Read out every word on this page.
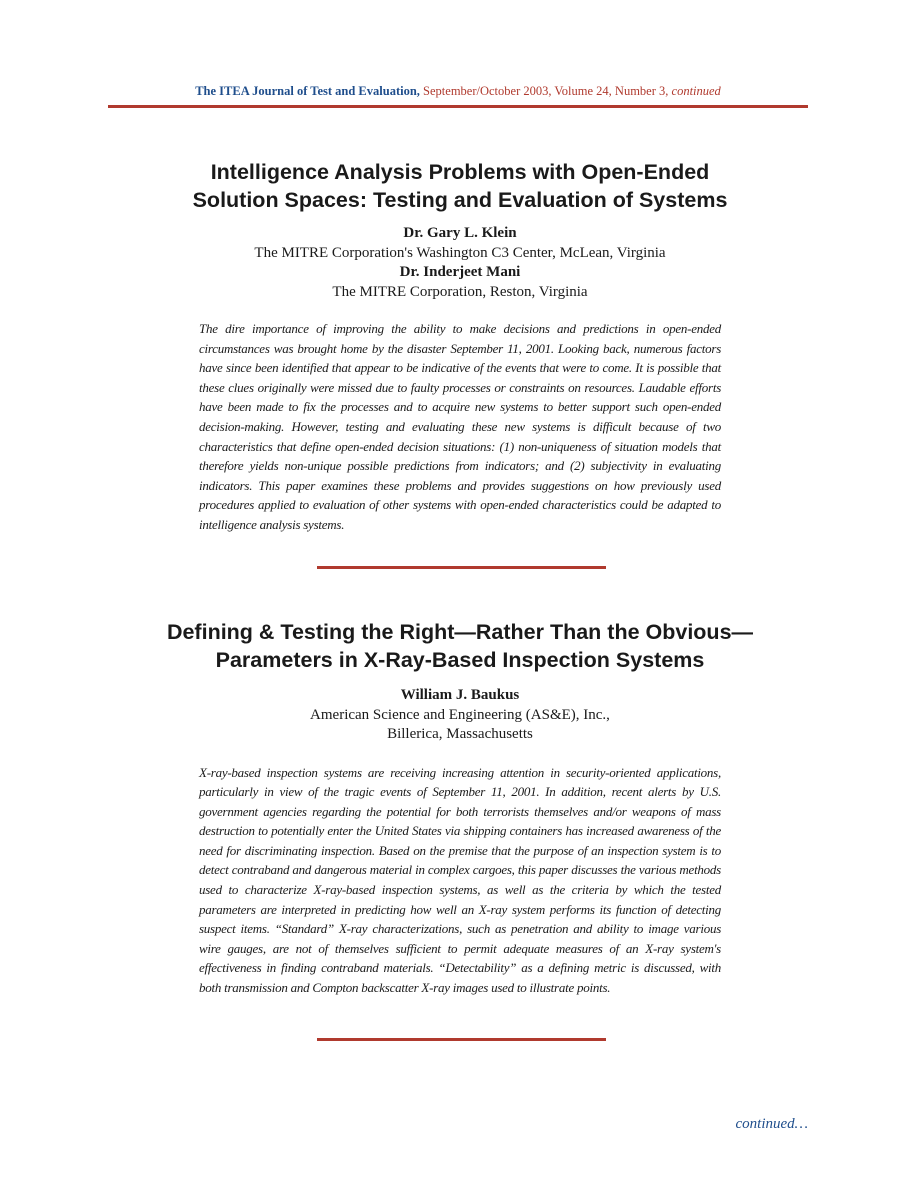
The ITEA Journal of Test and Evaluation, September/October 2003, Volume 24, Number 3, continued
Intelligence Analysis Problems with Open-Ended
Solution Spaces: Testing and Evaluation of Systems
Dr. Gary L. Klein
The MITRE Corporation's Washington C3 Center, McLean, Virginia
Dr. Inderjeet Mani
The MITRE Corporation, Reston, Virginia

The dire importance of improving the ability to make decisions and predictions in open-ended circumstances was brought home by the disaster September 11, 2001. Looking back, numerous factors have since been identified that appear to be indicative of the events that were to come. It is possible that these clues originally were missed due to faulty processes or constraints on resources. Laudable efforts have been made to fix the processes and to acquire new systems to better support such open-ended decision-making. However, testing and evaluating these new systems is difficult because of two characteristics that define open-ended decision situations: (1) non-uniqueness of situation models that therefore yields non-unique possible predictions from indicators; and (2) subjectivity in evaluating indicators. This paper examines these problems and provides suggestions on how previously used procedures applied to evaluation of other systems with open-ended characteristics could be adapted to intelligence analysis systems.

Defining & Testing the Right—Rather Than the Obvious—
Parameters in X-Ray-Based Inspection Systems
William J. Baukus
American Science and Engineering (AS&E), Inc.,
Billerica, Massachusetts

X-ray-based inspection systems are receiving increasing attention in security-oriented applications, particularly in view of the tragic events of September 11, 2001. In addition, recent alerts by U.S. government agencies regarding the potential for both terrorists themselves and/or weapons of mass destruction to potentially enter the United States via shipping containers has increased awareness of the need for discriminating inspection. Based on the premise that the purpose of an inspection system is to detect contraband and dangerous material in complex cargoes, this paper discusses the various methods used to characterize X-ray-based inspection systems, as well as the criteria by which the tested parameters are interpreted in predicting how well an X-ray system performs its function of detecting suspect items. “Standard” X-ray characterizations, such as penetration and ability to image various wire gauges, are not of themselves sufficient to permit adequate measures of an X-ray system's effectiveness in finding contraband materials. “Detectability” as a defining metric is discussed, with both transmission and Compton backscatter X-ray images used to illustrate points.

continued…
